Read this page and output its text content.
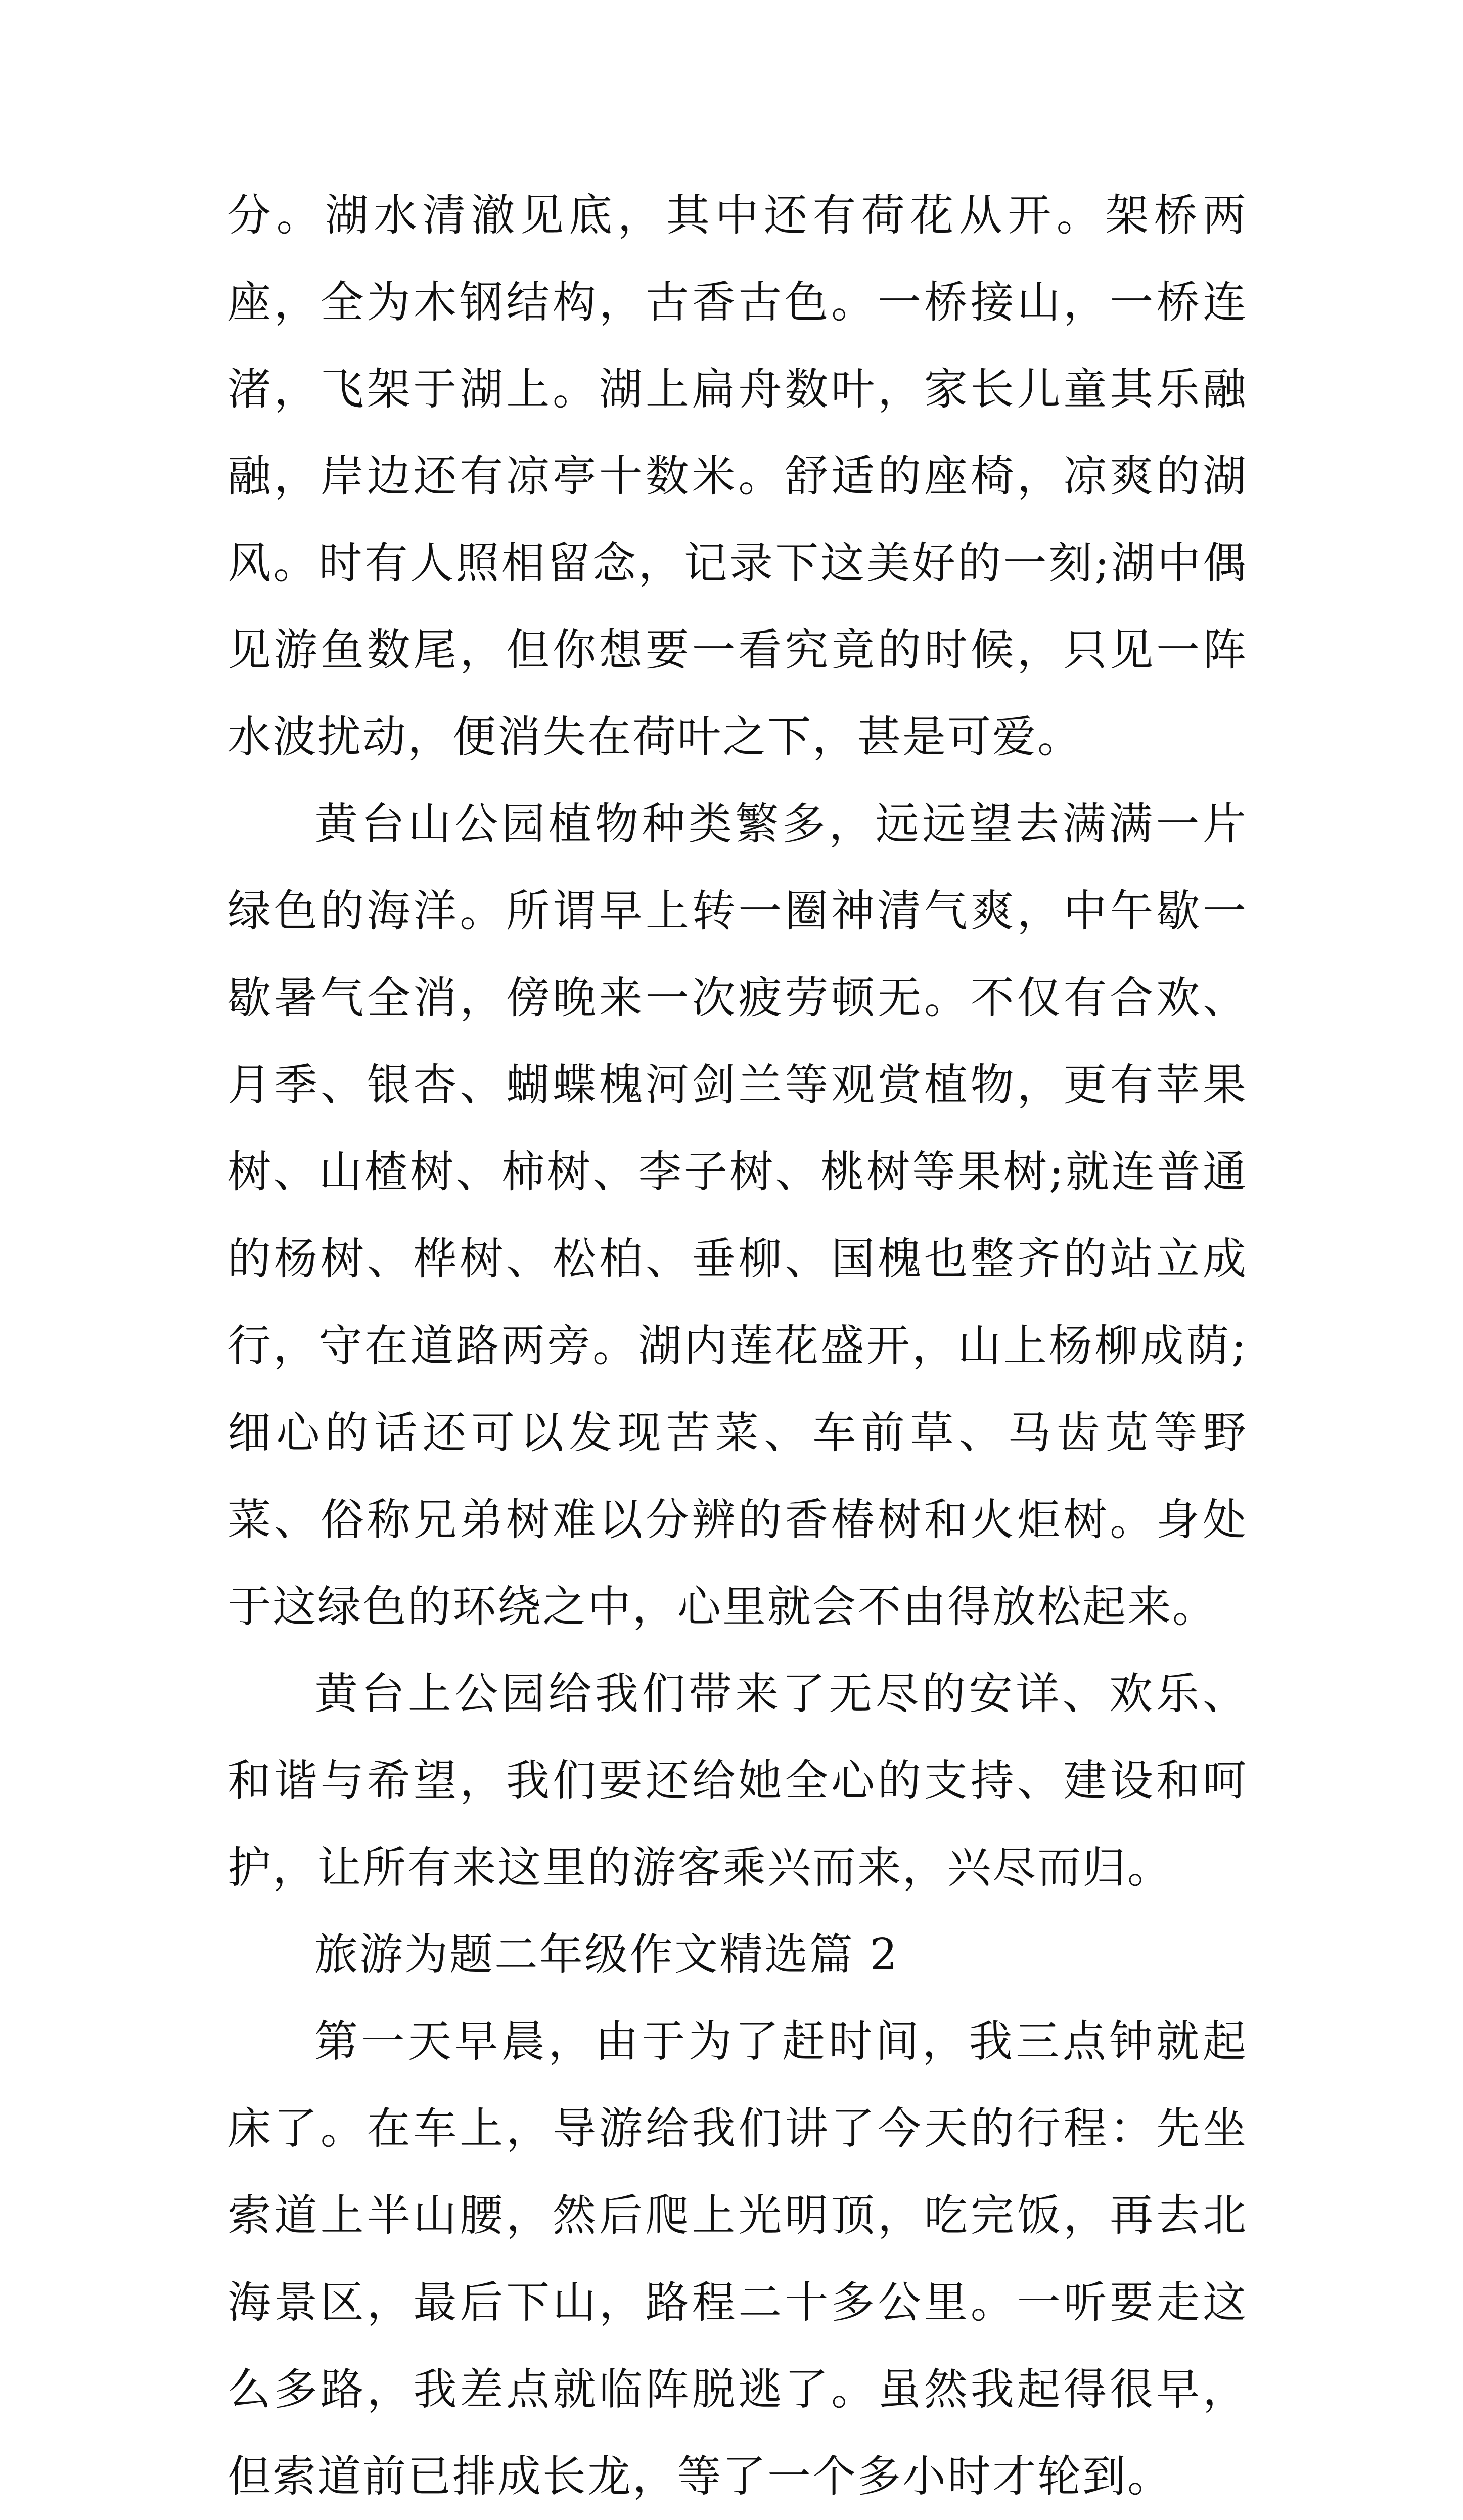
分。湖水清澈见底，其中还有荷花从开。架桥两座，全为木钢结构，古香古色。一桥接山，一桥连渚，飞架于湖上。湖上扁舟数叶，家长儿童其乐融融，岸边还有凉亭十数米。舒适的座椅，凉爽的湖风。时有人照相留念，记录下这美好的一刻;湖中偶见游鱼数尾，但你想要一看究竟的时候，只见一阵水波扰动，便消失在荷叶之下，甚是可爱。

黄台山公园植物种类繁多，远远望去满满一片绿色的海洋。所谓早上转一圈神清气爽，中午歇一歇暑气全消，傍晚来一次疲劳顿无。不仅有合欢、月季、银杏、蝴蝶槐河剑兰等观赏植物，更有苹果树、山楂树、柿树、李子树、桃树等果树;就连普通的杨树、桦树、松柏、垂柳、国槐也整齐的站立成行，守在道路两旁。湖内莲花盛开，山上杨柳成荫;细心的话还可以发现苦菜、车前草、马齿苋等野菜、俗称兄弟树难以分辨的香椿树和火炬树。身处于这绿色的环绕之中，心里就会不由得放松起来。

黄台上公园给我们带来了无尽的安详、欢乐、和谐与希望，我们要还给她全心的支持、建设和呵护，让所有来这里的游客乘兴而来，兴尽而归。

旅游为题二年级作文精选篇 2

第一天早晨，由于为了赶时间，我三点钟就起床了。在车上，导游给我们讲了今天的行程：先坐索道上半山腰，然后爬上光明顶，吃完饭，再去北海景区，最后下山，路程二十多公里。一听要走这么多路，我差点就临阵脱逃了。虽然我起得很早，但索道前已排成长龙，等了一个多小时才轮到。
